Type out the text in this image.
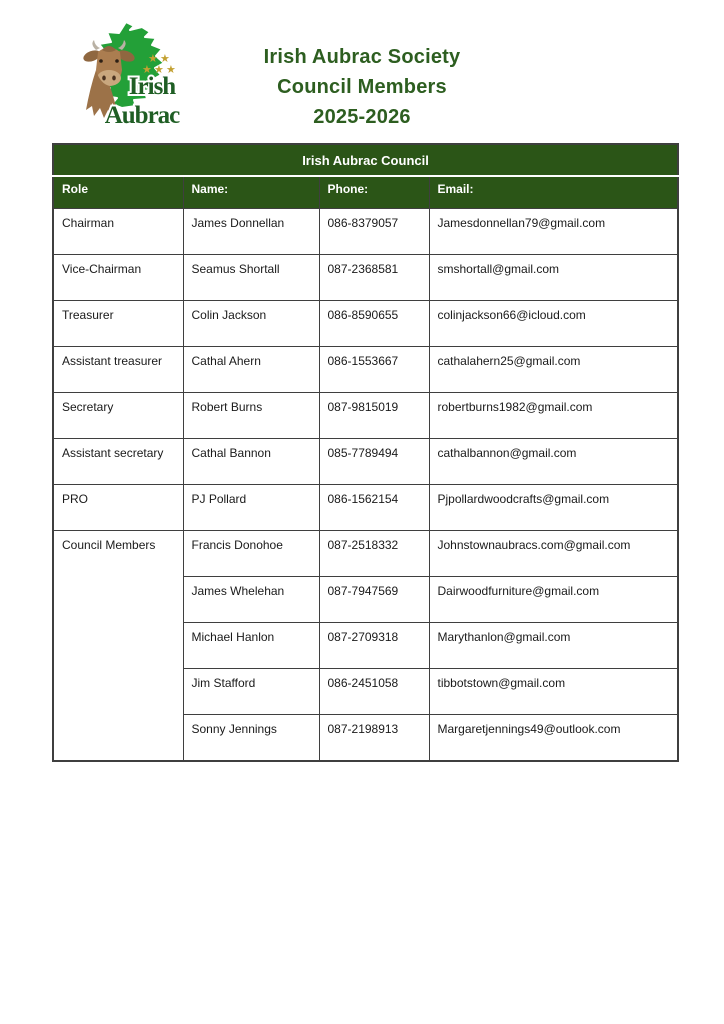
★ ★
★ ★ ★
Irish
Aubrac
Irish Aubrac Society
Council Members
2025-2026
Irish Aubrac Council			
Role	Name:	Phone:	Email:
Chairman	James Donnellan	086-8379057	Jamesdonnellan79@gmail.com
Vice-Chairman	Seamus Shortall	087-2368581	smshortall@gmail.com
Treasurer	Colin Jackson	086-8590655	colinjackson66@icloud.com
Assistant treasurer	Cathal Ahern	086-1553667	cathalahern25@gmail.com
Secretary	Robert Burns	087-9815019	robertburns1982@gmail.com
Assistant secretary	Cathal Bannon	085-7789494	cathalbannon@gmail.com
PRO	PJ Pollard	086-1562154	Pjpollardwoodcrafts@gmail.com
Council Members	Francis Donohoe	087-2518332	Johnstownaubracs.com@gmail.com
	James Whelehan	087-7947569	Dairwoodfurniture@gmail.com
	Michael Hanlon	087-2709318	Marythanlon@gmail.com
	Jim Stafford	086-2451058	tibbotstown@gmail.com
	Sonny Jennings	087-2198913	Margaretjennings49@outlook.com
